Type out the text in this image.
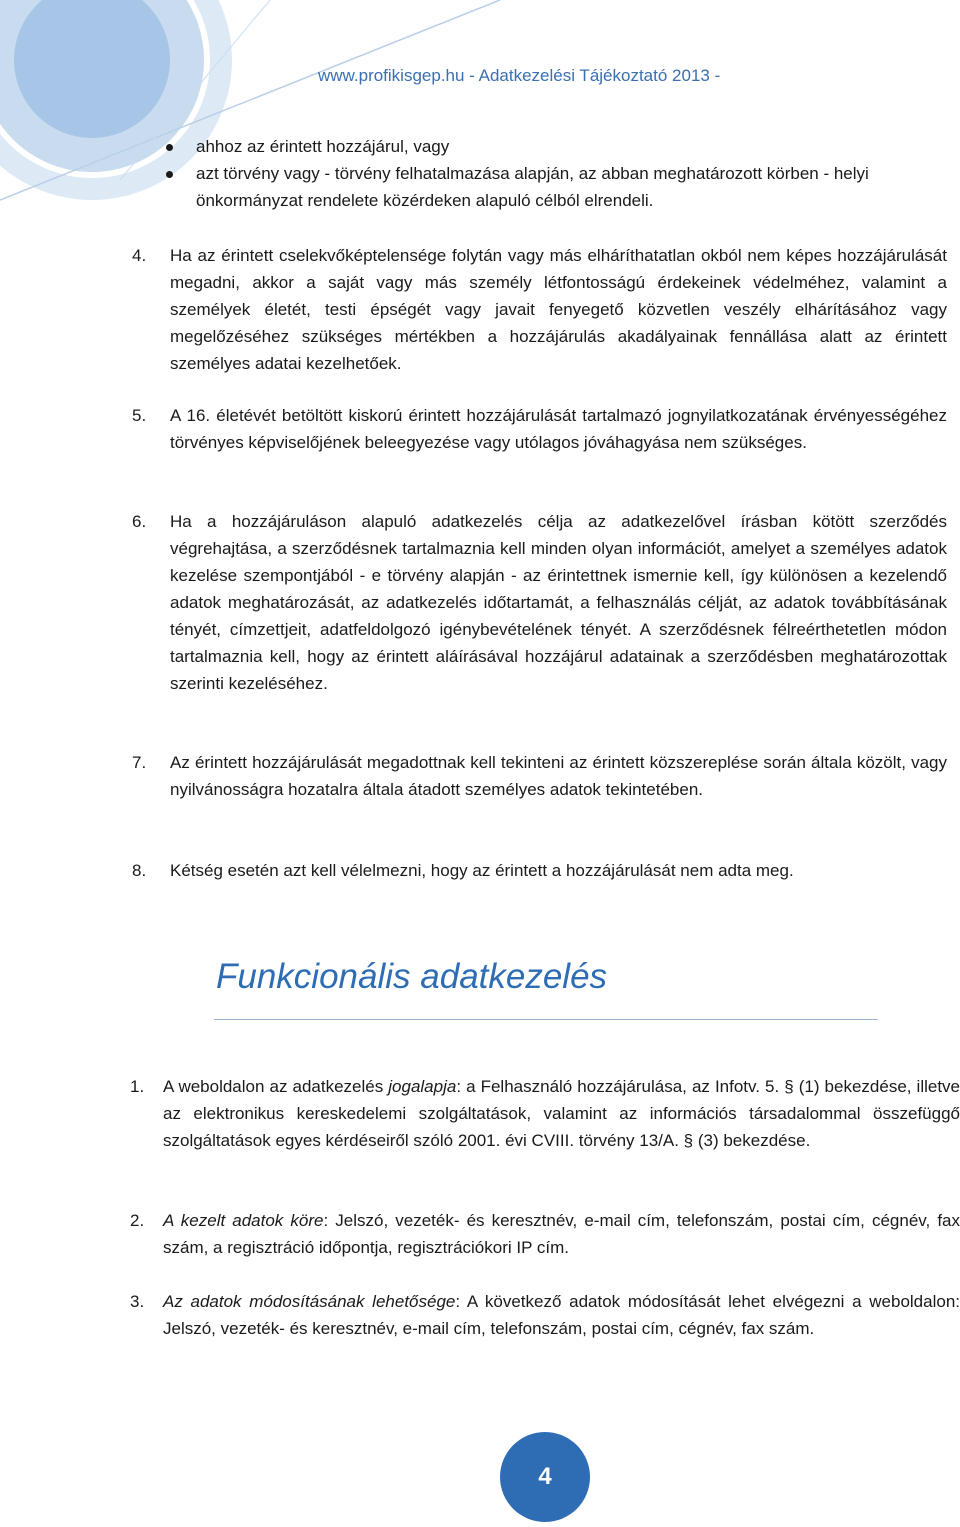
www.profikisgep.hu - Adatkezelési Tájékoztató 2013 -
ahhoz az érintett hozzájárul, vagy
azt törvény vagy - törvény felhatalmazása alapján, az abban meghatározott körben - helyi önkormányzat rendelete közérdeken alapuló célból elrendeli.
4. Ha az érintett cselekvőképtelensége folytán vagy más elháríthatatlan okból nem képes hozzájárulását megadni, akkor a saját vagy más személy létfontosságú érdekeinek védelméhez, valamint a személyek életét, testi épségét vagy javait fenyegető közvetlen veszély elhárításához vagy megelőzéséhez szükséges mértékben a hozzájárulás akadályainak fennállása alatt az érintett személyes adatai kezelhetőek.
5. A 16. életévét betöltött kiskorú érintett hozzájárulását tartalmazó jognyilatkozatának érvényességéhez törvényes képviselőjének beleegyezése vagy utólagos jóváhagyása nem szükséges.
6. Ha a hozzájáruláson alapuló adatkezelés célja az adatkezelővel írásban kötött szerződés végrehajtása, a szerződésnek tartalmaznia kell minden olyan információt, amelyet a személyes adatok kezelése szempontjából - e törvény alapján - az érintettnek ismernie kell, így különösen a kezelendő adatok meghatározását, az adatkezelés időtartamát, a felhasználás célját, az adatok továbbításának tényét, címzettjeit, adatfeldolgozó igénybevételének tényét. A szerződésnek félreérthetetlen módon tartalmaznia kell, hogy az érintett aláírásával hozzájárul adatainak a szerződésben meghatározottak szerinti kezeléséhez.
7. Az érintett hozzájárulását megadottnak kell tekinteni az érintett közszereplése során általa közölt, vagy nyilvánosságra hozatalra általa átadott személyes adatok tekintetében.
8. Kétség esetén azt kell vélelmezni, hogy az érintett a hozzájárulását nem adta meg.
Funkcionális adatkezelés
1. A weboldalon az adatkezelés jogalapja: a Felhasználó hozzájárulása, az Infotv. 5. § (1) bekezdése, illetve az elektronikus kereskedelemi szolgáltatások, valamint az információs társadalommal összefüggő szolgáltatások egyes kérdéseiről szóló 2001. évi CVIII. törvény 13/A. § (3) bekezdése.
2. A kezelt adatok köre: Jelszó, vezeték- és keresztnév, e-mail cím, telefonszám, postai cím, cégnév, fax szám, a regisztráció időpontja, regisztrációkori IP cím.
3. Az adatok módosításának lehetősége: A következő adatok módosítását lehet elvégezni a weboldalon: Jelszó, vezeték- és keresztnév, e-mail cím, telefonszám, postai cím, cégnév, fax szám.
4
